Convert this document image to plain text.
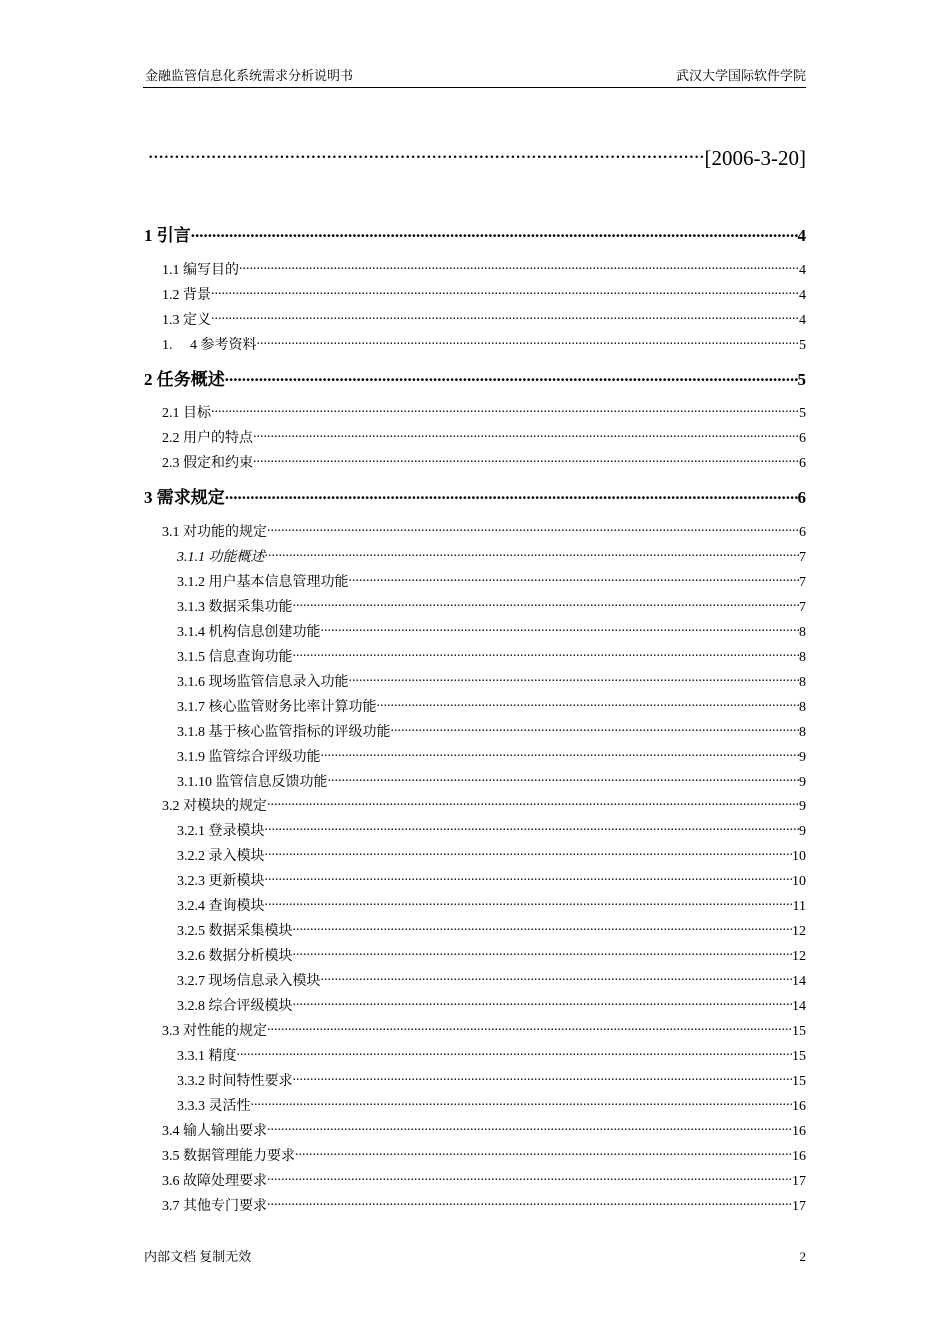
金融监管信息化系统需求分析说明书	武汉大学国际软件学院
.....
[2006-3-20]
1 引言 .....	4
1.1 编写目的 .....	4
1.2 背景 .....	4
1.3 定义 .....	4
1.     4 参考资料 .....	5
2 任务概述 .....	5
2.1 目标 .....	5
2.2 用户的特点 .....	6
2.3 假定和约束 .....	6
3 需求规定 .....	6
3.1 对功能的规定 .....	6
3.1.1 功能概述 .....	7
3.1.2 用户基本信息管理功能 .....	7
3.1.3 数据采集功能 .....	7
3.1.4 机构信息创建功能 .....	8
3.1.5 信息查询功能 .....	8
3.1.6 现场监管信息录入功能 .....	8
3.1.7 核心监管财务比率计算功能 .....	8
3.1.8 基于核心监管指标的评级功能 .....	8
3.1.9 监管综合评级功能 .....	9
3.1.10 监管信息反馈功能 .....	9
3.2 对模块的规定 .....	9
3.2.1 登录模块 .....	9
3.2.2 录入模块 .....	10
3.2.3 更新模块 .....	10
3.2.4 查询模块 .....	11
3.2.5 数据采集模块 .....	12
3.2.6 数据分析模块 .....	12
3.2.7 现场信息录入模块 .....	14
3.2.8 综合评级模块 .....	14
3.3 对性能的规定 .....	15
3.3.1 精度 .....	15
3.3.2 时间特性要求 .....	15
3.3.3 灵活性 .....	16
3.4 输人输出要求 .....	16
3.5 数据管理能力要求 .....	16
3.6 故障处理要求 .....	17
3.7 其他专门要求 .....	17
内部文档 复制无效	2
